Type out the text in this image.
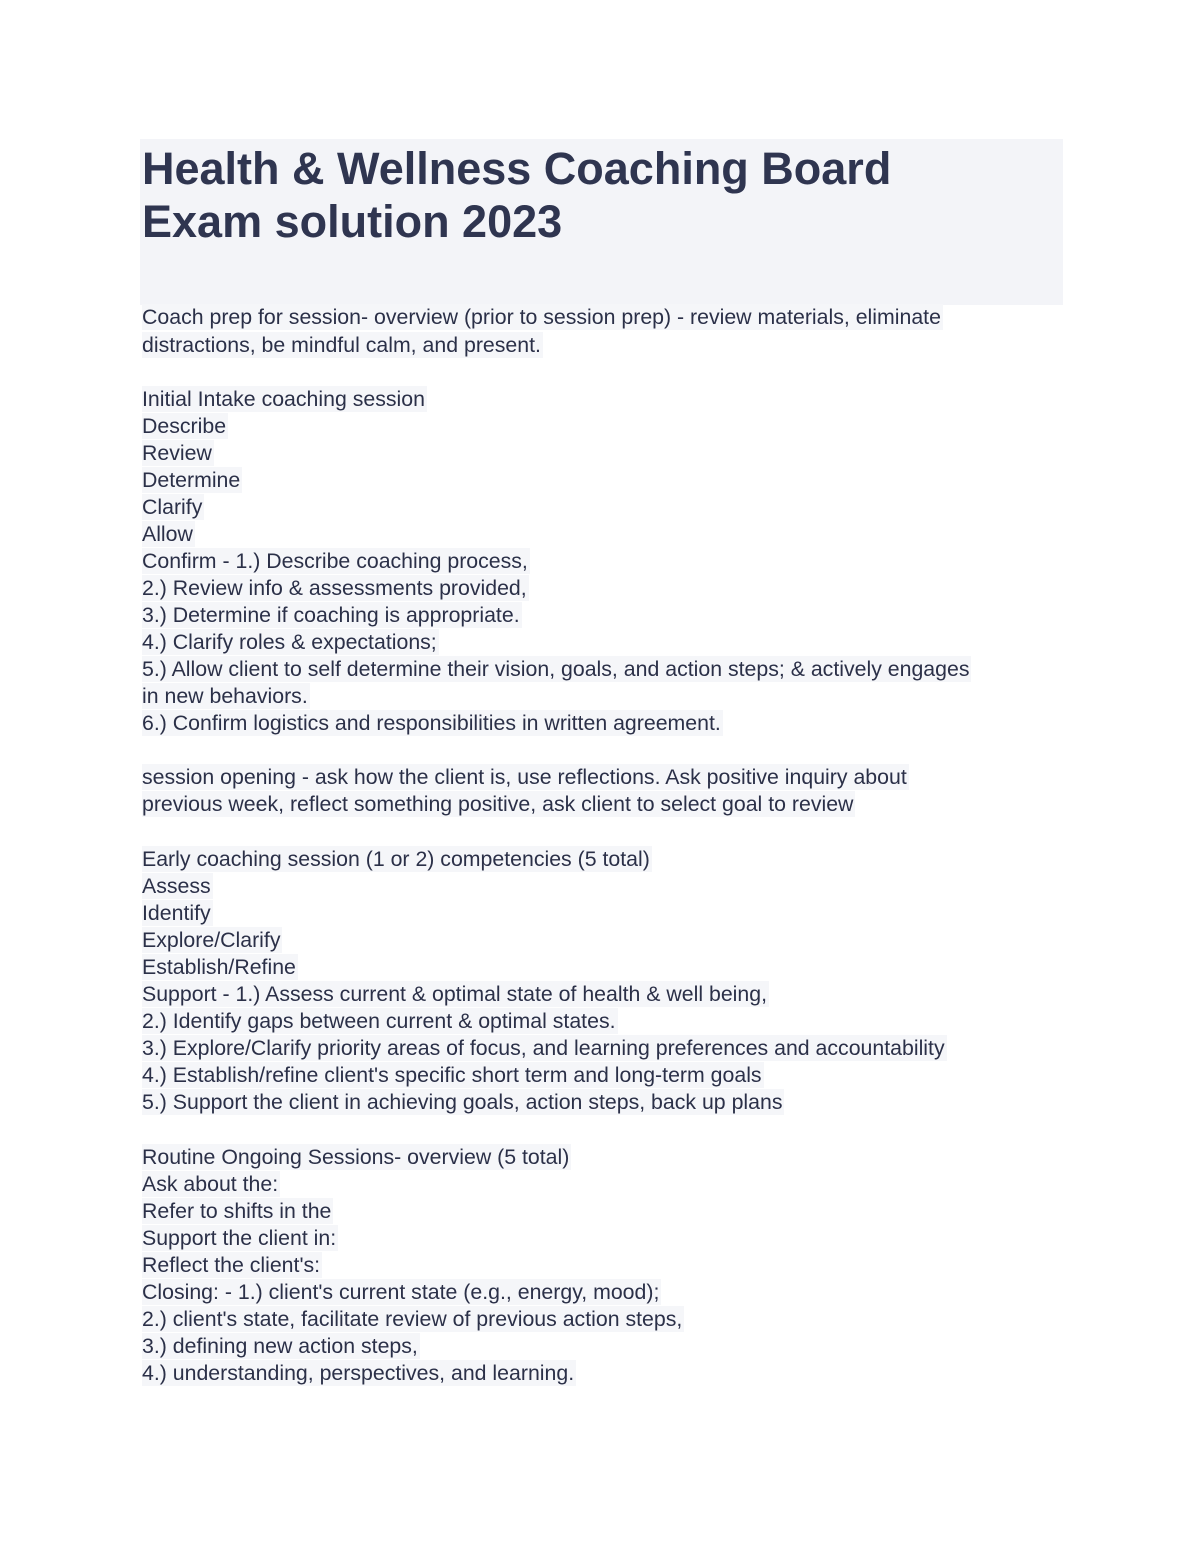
Health & Wellness Coaching Board
Exam solution 2023
Coach prep for session- overview (prior to session prep) - review materials, eliminate
distractions, be mindful calm, and present.
Initial Intake coaching session
Describe
Review
Determine
Clarify
Allow
Confirm - 1.) Describe coaching process,
2.) Review info & assessments provided,
3.) Determine if coaching is appropriate.
4.) Clarify roles & expectations;
5.) Allow client to self determine their vision, goals, and action steps; & actively engages
in new behaviors.
6.) Confirm logistics and responsibilities in written agreement.
session opening - ask how the client is, use reflections. Ask positive inquiry about
previous week, reflect something positive, ask client to select goal to review
Early coaching session (1 or 2) competencies (5 total)
Assess
Identify
Explore/Clarify
Establish/Refine
Support - 1.) Assess current & optimal state of health & well being,
2.) Identify gaps between current & optimal states.
3.) Explore/Clarify priority areas of focus, and learning preferences and accountability
4.) Establish/refine client's specific short term and long-term goals
5.) Support the client in achieving goals, action steps, back up plans
Routine Ongoing Sessions- overview (5 total)
Ask about the:
Refer to shifts in the
Support the client in:
Reflect the client's:
Closing: - 1.) client's current state (e.g., energy, mood);
2.) client's state, facilitate review of previous action steps,
3.) defining new action steps,
4.) understanding, perspectives, and learning.
